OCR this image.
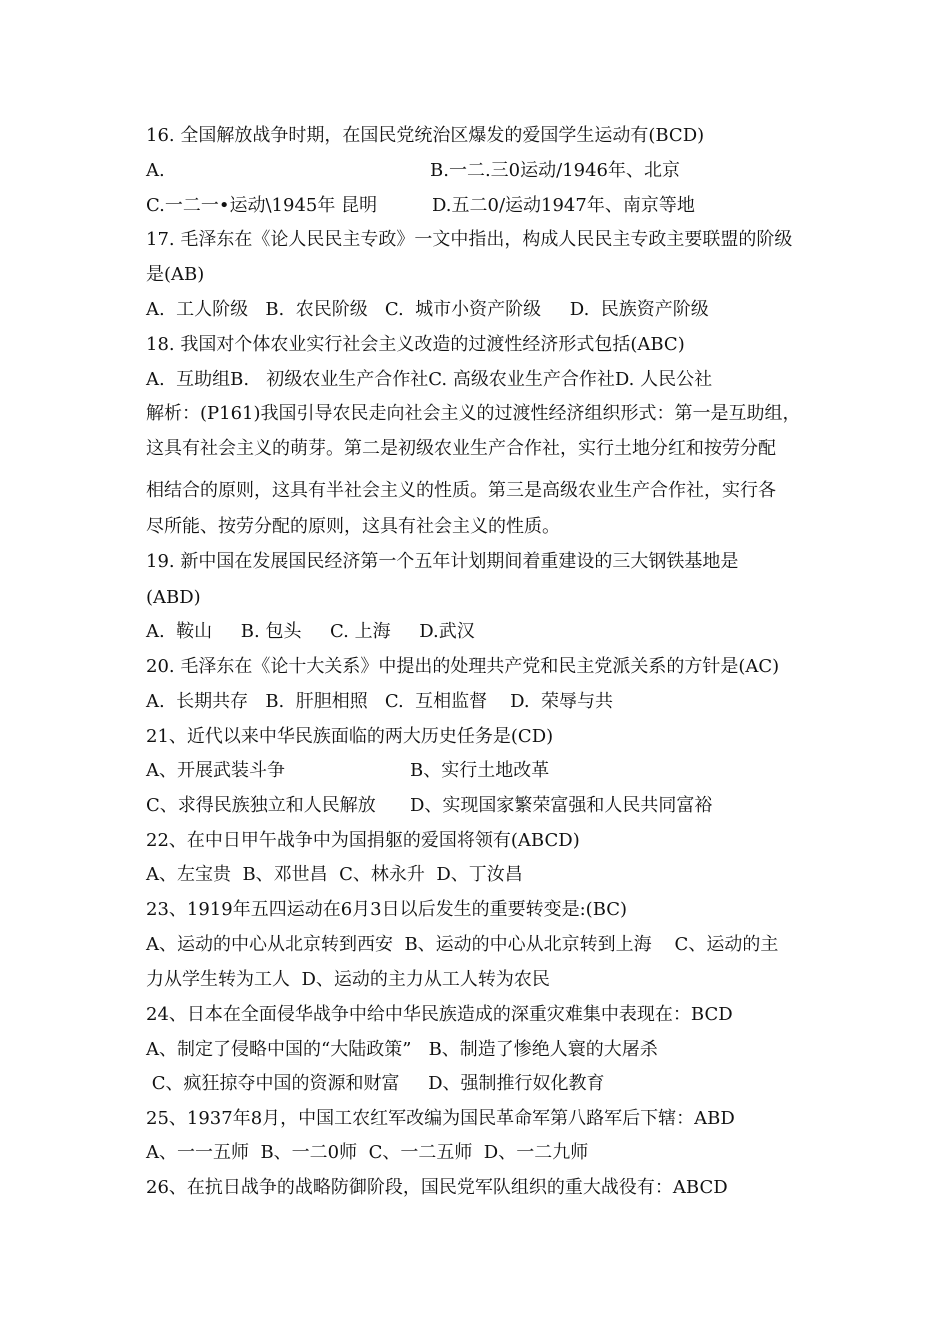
16. 全国解放战争时期，在国民党统治区爆发的爱国学生运动有(BCD)

A.	B.一二.三0运动/1946年、北京

C.一二一•运动\1945年 昆明	D.五二0/运动1947年、南京等地

17. 毛泽东在《论人民民主专政》一文中指出，构成人民民主专政主要联盟的阶级

是(AB)

A.  工人阶级   B.  农民阶级   C.  城市小资产阶级     D.  民族资产阶级

18. 我国对个体农业实行社会主义改造的过渡性经济形式包括(ABC)

A.  互助组B.   初级农业生产合作社C. 高级农业生产合作社D. 人民公社

解析：(P161)我国引导农民走向社会主义的过渡性经济组织形式：第一是互助组，

这具有社会主义的萌芽。第二是初级农业生产合作社，实行土地分红和按劳分配

相结合的原则，这具有半社会主义的性质。第三是高级农业生产合作社，实行各

尽所能、按劳分配的原则，这具有社会主义的性质。

19. 新中国在发展国民经济第一个五年计划期间着重建设的三大钢铁基地是

(ABD)

A.  鞍山     B. 包头     C. 上海     D.武汉

20. 毛泽东在《论十大关系》中提出的处理共产党和民主党派关系的方针是(AC)

A.  长期共存   B.  肝胆相照   C.  互相监督    D.  荣辱与共

21、近代以来中华民族面临的两大历史任务是(CD)

A、开展武装斗争	B、实行土地改革

C、求得民族独立和人民解放 D、实现国家繁荣富强和人民共同富裕

22、在中日甲午战争中为国捐躯的爱国将领有(ABCD)

A、左宝贵  B、邓世昌  C、林永升  D、丁汝昌

23、1919年五四运动在6月3日以后发生的重要转变是:(BC)

A、运动的中心从北京转到西安  B、运动的中心从北京转到上海    C、运动的主

力从学生转为工人  D、运动的主力从工人转为农民

24、日本在全面侵华战争中给中华民族造成的深重灾难集中表现在：BCD

A、制定了侵略中国的“大陆政策”   B、制造了惨绝人寰的大屠杀

C、疯狂掠夺中国的资源和财富     D、强制推行奴化教育

25、1937年8月，中国工农红军改编为国民革命军第八路军后下辖：ABD

A、一一五师  B、一二0师  C、一二五师  D、一二九师

26、在抗日战争的战略防御阶段，国民党军队组织的重大战役有：ABCD
